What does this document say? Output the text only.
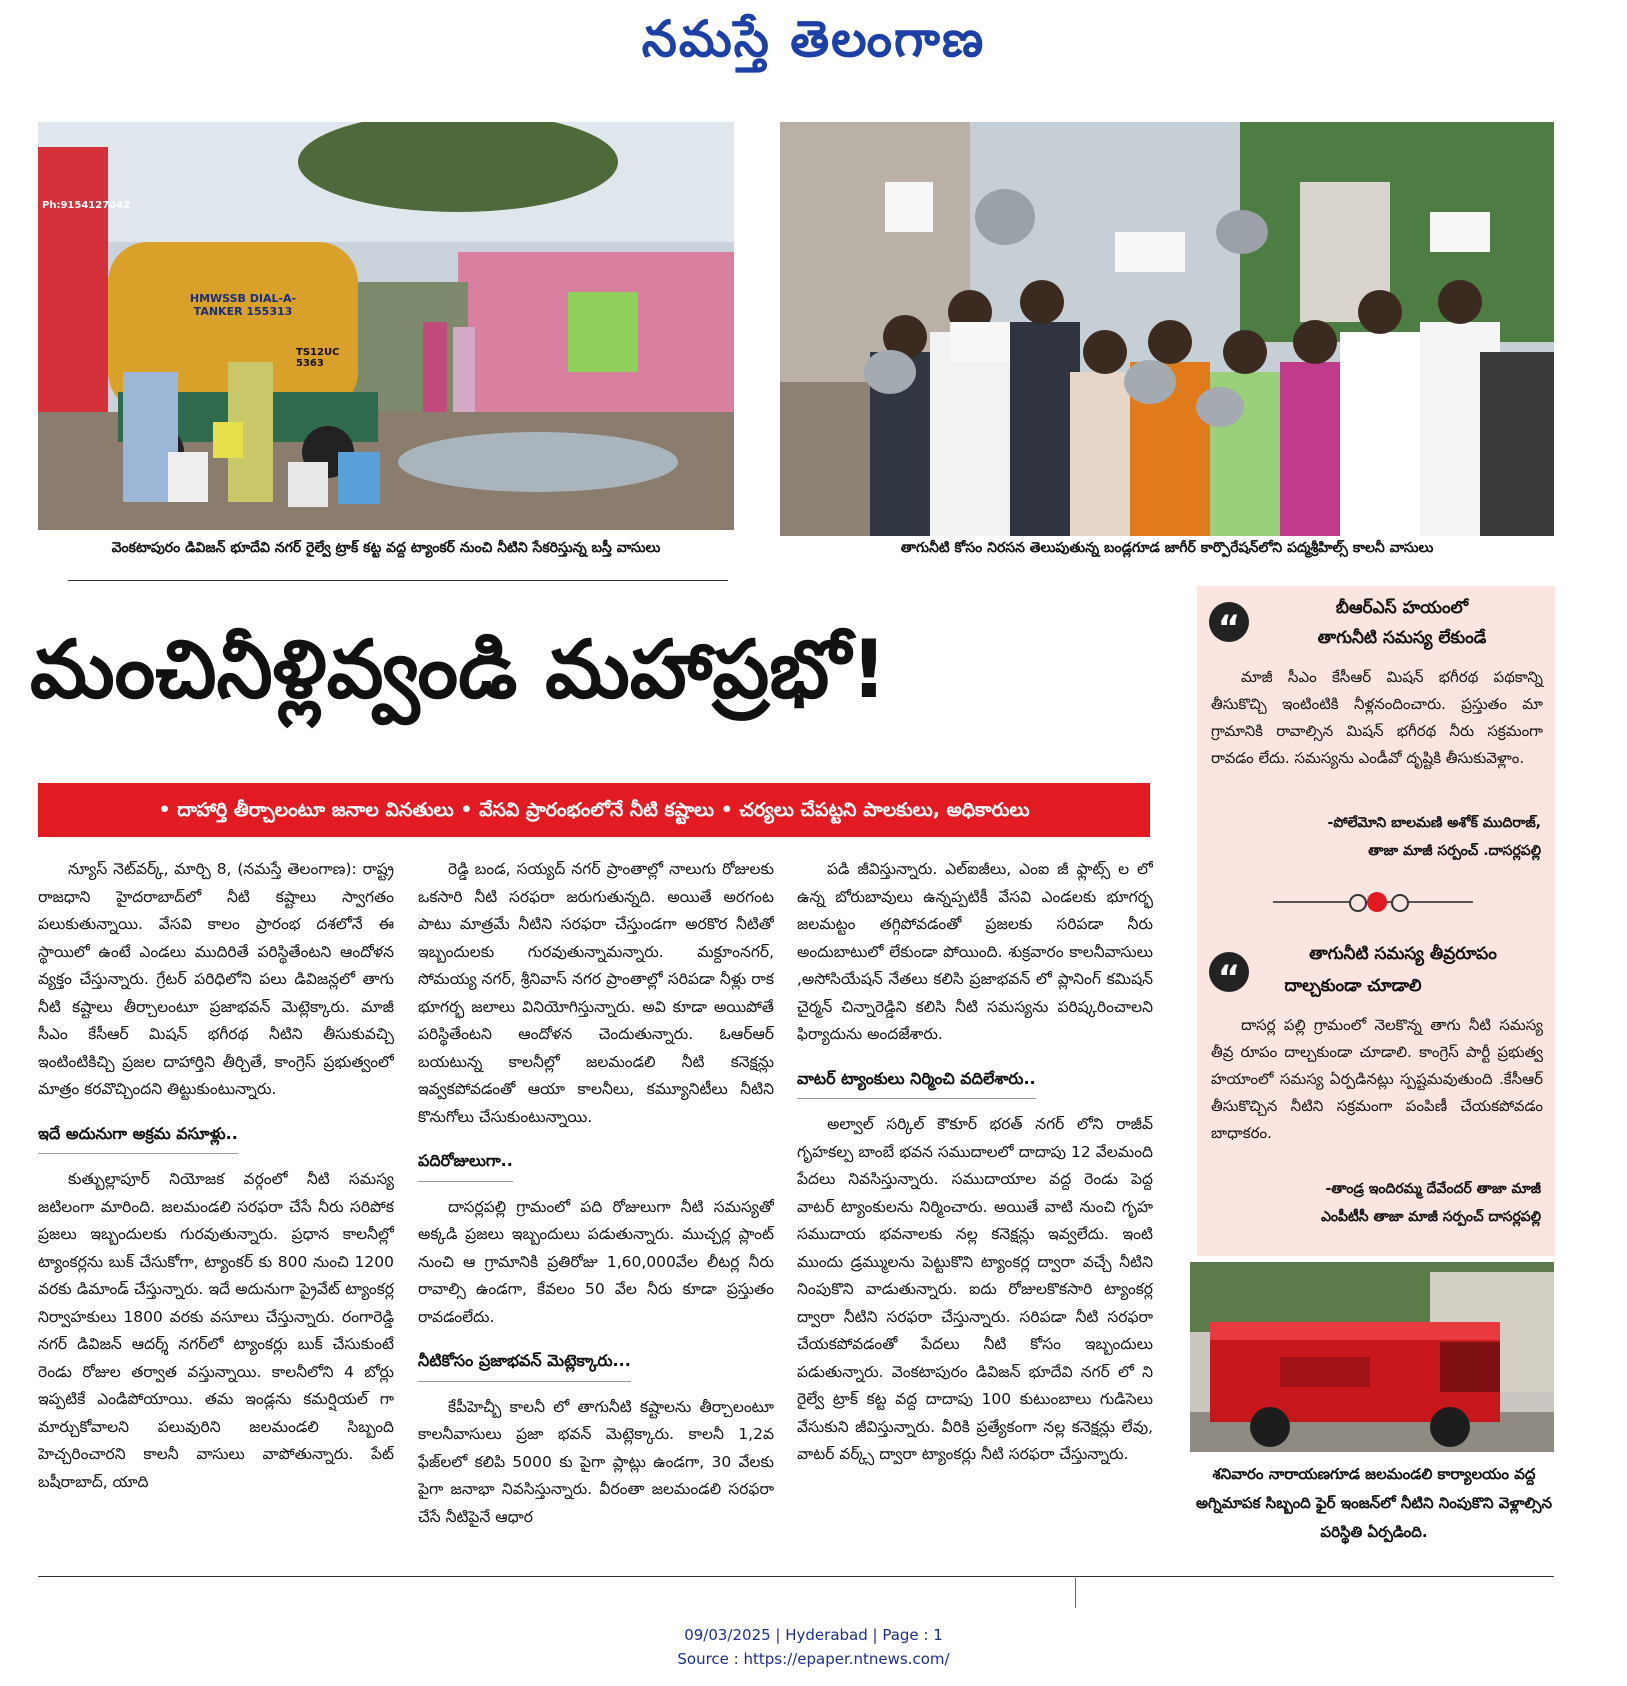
నమస్తే తెలంగాణ
HMWSSB DIAL-A-TANKER 155313
TS12UC 5363
Ph:9154127042
వెంకటాపురం డివిజన్ భూదేవి నగర్ రైల్వే ట్రాక్ కట్ట వద్ద ట్యాంకర్ నుంచి నీటిని సేకరిస్తున్న బస్తీ వాసులు	తాగునీటి కోసం నిరసన తెలుపుతున్న బండ్లగూడ జాగీర్ కార్పొరేషన్‌లోని పద్మశ్రీహిల్స్ కాలనీ వాసులు
మంచినీళ్లివ్వండి మహాప్రభో!
• దాహార్తి తీర్చాలంటూ జనాల వినతులు • వేసవి ప్రారంభంలోనే నీటి కష్టాలు • చర్యలు చేపట్టని పాలకులు, అధికారులు

న్యూస్ నెట్‌వర్క్, మార్చి 8, (నమస్తే తెలంగాణ): రాష్ట్ర రాజధాని హైదరాబాద్‌లో నీటి కష్టాలు స్వాగతం పలుకుతున్నాయి. వేసవి కాలం ప్రారంభ దశలోనే ఈ స్థాయిలో ఉంటే ఎండలు ముదిరితే పరిస్థితేంటని ఆందోళన వ్యక్తం చేస్తున్నారు. గ్రేటర్ పరిధిలోని పలు డివిజన్లలో తాగు నీటి కష్టాలు తీర్చాలంటూ ప్రజాభవన్ మెట్లెక్కారు. మాజీ సీఎం కేసీఆర్ మిషన్ భగీరథ నీటిని తీసుకువచ్చి ఇంటింటికిచ్చి ప్రజల దాహార్తిని తీర్చితే, కాంగ్రెస్ ప్రభుత్వంలో మాత్రం కరవొచ్చిందని తిట్టుకుంటున్నారు.

ఇదే అదునుగా అక్రమ వసూళ్లు..

కుత్బుల్లాపూర్ నియోజక వర్గంలో నీటి సమస్య జటిలంగా మారింది. జలమండలి సరఫరా చేసే నీరు సరిపోక ప్రజలు ఇబ్బందులకు గురవుతున్నారు. ప్రధాన కాలనీల్లో ట్యాంకర్లను బుక్ చేసుకోగా, ట్యాంకర్ కు 800 నుంచి 1200 వరకు డిమాండ్ చేస్తున్నారు. ఇదే అదునుగా ప్రైవేట్ ట్యాంకర్ల నిర్వాహకులు 1800 వరకు వసూలు చేస్తున్నారు. రంగారెడ్డి నగర్ డివిజన్ ఆదర్శ్ నగర్‌లో ట్యాంకర్లు బుక్ చేసుకుంటే రెండు రోజుల తర్వాత వస్తున్నాయి. కాలనీలోని 4 బోర్లు ఇప్పటికే ఎండిపోయాయి. తమ ఇండ్లను కమర్షియల్ గా మార్చుకోవాలని పలువురిని జలమండలి సిబ్బంది హెచ్చరించారని కాలనీ వాసులు వాపోతున్నారు. పేట్ బషీరాబాద్, యాది

రెడ్డి బండ, సయ్యద్ నగర్ ప్రాంతాల్లో నాలుగు రోజులకు ఒకసారి నీటి సరఫరా జరుగుతున్నది. అయితే అరగంట పాటు మాత్రమే నీటిని సరఫరా చేస్తుండగా అరకొర నీటితో ఇబ్బందులకు గురవుతున్నామన్నారు. మక్దూంనగర్, సోమయ్య నగర్, శ్రీనివాస్ నగర ప్రాంతాల్లో సరిపడా నీళ్లు రాక భూగర్భ జలాలు వినియోగిస్తున్నారు. అవి కూడా అయిపోతే పరిస్థితేంటని ఆందోళన చెందుతున్నారు. ఓఆర్ఆర్ బయటున్న కాలనీల్లో జలమండలి నీటి కనెక్షన్లు ఇవ్వకపోవడంతో ఆయా కాలనీలు, కమ్యూనిటీలు నీటిని కొనుగోలు చేసుకుంటున్నాయి.

పదిరోజులుగా..

దాసర్లపల్లి గ్రామంలో పది రోజులుగా నీటి సమస్యతో అక్కడి ప్రజలు ఇబ్బందులు పడుతున్నారు. ముచ్చర్ల ప్లాంట్ నుంచి ఆ గ్రామానికి ప్రతిరోజు 1,60,000వేల లీటర్ల నీరు రావాల్సి ఉండగా, కేవలం 50 వేల నీరు కూడా ప్రస్తుతం రావడంలేదు.

నీటికోసం ప్రజాభవన్ మెట్లెక్కారు...

కేపీహెచ్బీ కాలనీ లో తాగునీటి కష్టాలను తీర్చాలంటూ కాలనీవాసులు ప్రజా భవన్ మెట్లెక్కారు. కాలనీ 1,2వ ఫేజ్‌లలో కలిపి 5000 కు పైగా ప్లాట్లు ఉండగా, 30 వేలకు పైగా జనాభా నివసిస్తున్నారు. వీరంతా జలమండలి సరఫరా చేసే నీటిపైనే ఆధార

పడి జీవిస్తున్నారు. ఎల్ఐజీలు, ఎంఐ జీ ఫ్లాట్స్ ల లో ఉన్న బోరుబావులు ఉన్నప్పటికీ వేసవి ఎండలకు భూగర్భ జలమట్టం తగ్గిపోవడంతో ప్రజలకు సరిపడా నీరు అందుబాటులో లేకుండా పోయింది. శుక్రవారం కాలనీవాసులు ,అసోసియేషన్ నేతలు కలిసి ప్రజాభవన్ లో ప్లానింగ్ కమిషన్ చైర్మన్ చిన్నారెడ్డిని కలిసి నీటి సమస్యను పరిష్కరించాలని ఫిర్యాదును అందజేశారు.

వాటర్ ట్యాంకులు నిర్మించి వదిలేశారు..

అల్వాల్ సర్కిల్ కౌకూర్ భరత్ నగర్ లోని రాజీవ్ గృహకల్ప బాంబే భవన సముదాలలో దాదాపు 12 వేలమంది పేదలు నివసిస్తున్నారు. సముదాయాల వద్ద రెండు పెద్ద వాటర్ ట్యాంకులను నిర్మించారు. అయితే వాటి నుంచి గృహ సముదాయ భవనాలకు నల్ల కనెక్షన్లు ఇవ్వలేదు. ఇంటి ముందు డ్రమ్ములను పెట్టుకొని ట్యాంకర్ల ద్వారా వచ్చే నీటిని నింపుకొని వాడుతున్నారు. ఐదు రోజులకొకసారి ట్యాంకర్ల ద్వారా నీటిని సరఫరా చేస్తున్నారు. సరిపడా నీటి సరఫరా చేయకపోవడంతో పేదలు నీటి కోసం ఇబ్బందులు పడుతున్నారు. వెంకటాపురం డివిజన్ భూదేవి నగర్ లో ని రైల్వే ట్రాక్ కట్ట వద్ద దాదాపు 100 కుటుంబాలు గుడిసెలు వేసుకుని జీవిస్తున్నారు. వీరికి ప్రత్యేకంగా నల్ల కనెక్షన్లు లేవు, వాటర్ వర్క్స్ ద్వారా ట్యాంకర్లు నీటి సరఫరా చేస్తున్నారు.

“	బీఆర్ఎస్ హయంలో
తాగునీటి సమస్య లేకుండే
మాజీ సీఎం కేసీఆర్ మిషన్ భగీరథ పథకాన్ని తీసుకొచ్చి ఇంటింటికి నీళ్లనందించారు. ప్రస్తుతం మా గ్రామానికి రావాల్సిన మిషన్ భగీరథ నీరు సక్రమంగా రావడం లేదు. సమస్యను ఎండీవో దృష్టికి తీసుకువెళ్లాం.
-పోలేమోని బాలమణి అశోక్ ముదిరాజ్,
తాజా మాజీ సర్పంచ్ .దాసర్లపల్లి
“
తాగునీటి సమస్య తీవ్రరూపం
దాల్చకుండా చూడాలి
దాసర్ల పల్లి గ్రామంలో నెలకొన్న తాగు నీటి సమస్య తీవ్ర రూపం దాల్చకుండా చూడాలి. కాంగ్రెస్ పార్టీ ప్రభుత్వ హయాంలో సమస్య ఏర్పడినట్లు స్పష్టమవుతుంది .కేసీఆర్ తీసుకొచ్చిన నీటిని సక్రమంగా పంపిణీ చేయకపోవడం బాధాకరం.
-తాండ్ర ఇందిరమ్మ దేవేందర్ తాజా మాజీ
ఎంపీటీసీ తాజా మాజీ సర్పంచ్ దాసర్లపల్లి
శనివారం నారాయణగూడ జలమండలి కార్యాలయం వద్ద అగ్నిమాపక సిబ్బంది ఫైర్ ఇంజన్‌లో నీటిని నింపుకొని వెళ్లాల్సిన పరిస్థితి ఏర్పడింది.
09/03/2025 | Hyderabad | Page : 1
Source : https://epaper.ntnews.com/
